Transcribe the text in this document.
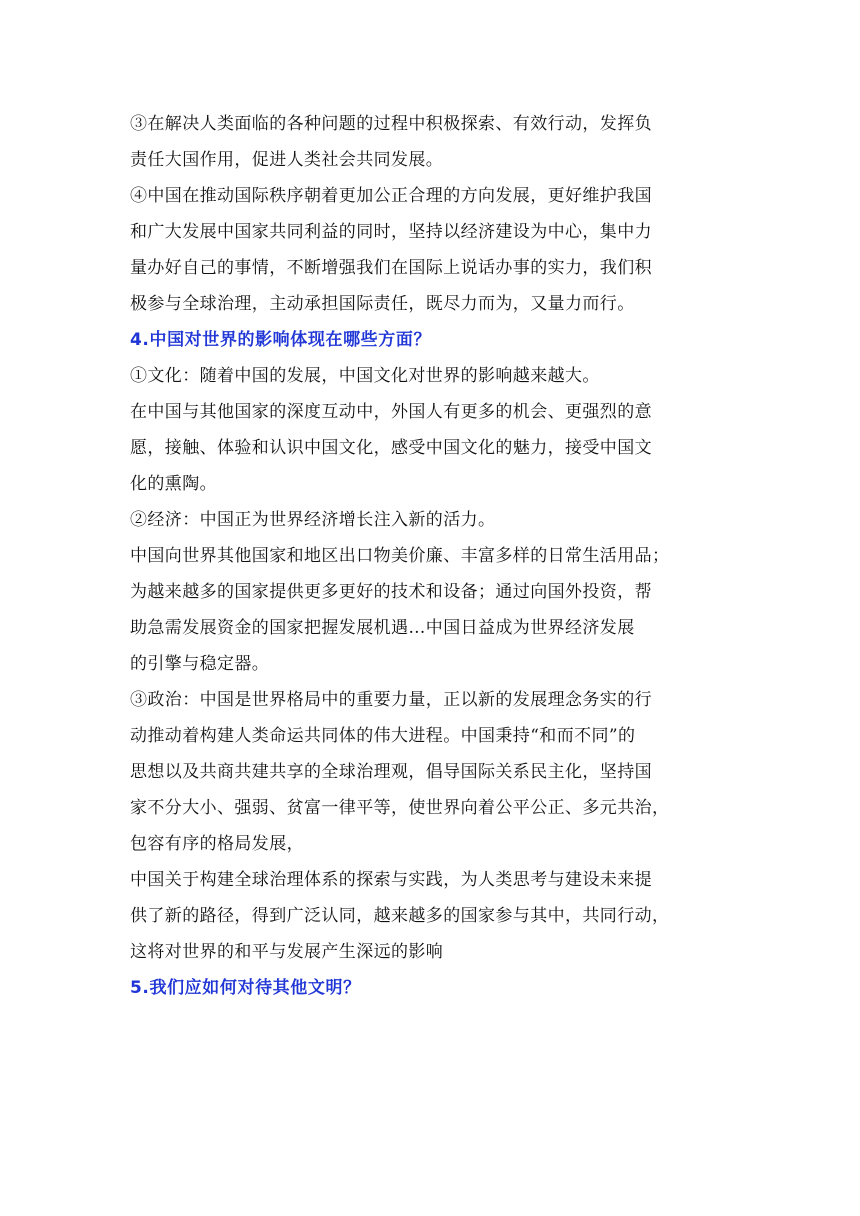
③在解决人类面临的各种问题的过程中积极探索、有效行动，发挥负
责任大国作用，促进人类社会共同发展。
④中国在推动国际秩序朝着更加公正合理的方向发展，更好维护我国
和广大发展中国家共同利益的同时，坚持以经济建设为中心，集中力
量办好自己的事情，不断增强我们在国际上说话办事的实力，我们积
极参与全球治理，主动承担国际责任，既尽力而为，又量力而行。
4.中国对世界的影响体现在哪些方面？
①文化：随着中国的发展，中国文化对世界的影响越来越大。
在中国与其他国家的深度互动中，外国人有更多的机会、更强烈的意
愿，接触、体验和认识中国文化，感受中国文化的魅力，接受中国文
化的熏陶。
②经济：中国正为世界经济增长注入新的活力。
中国向世界其他国家和地区出口物美价廉、丰富多样的日常生活用品；
为越来越多的国家提供更多更好的技术和设备；通过向国外投资，帮
助急需发展资金的国家把握发展机遇…中国日益成为世界经济发展
的引擎与稳定器。
③政治：中国是世界格局中的重要力量，正以新的发展理念务实的行
动推动着构建人类命运共同体的伟大进程。中国秉持“和而不同”的
思想以及共商共建共享的全球治理观，倡导国际关系民主化，坚持国
家不分大小、强弱、贫富一律平等，使世界向着公平公正、多元共治，
包容有序的格局发展，
中国关于构建全球治理体系的探索与实践，为人类思考与建设未来提
供了新的路径，得到广泛认同，越来越多的国家参与其中，共同行动，
这将对世界的和平与发展产生深远的影响
5.我们应如何对待其他文明？
